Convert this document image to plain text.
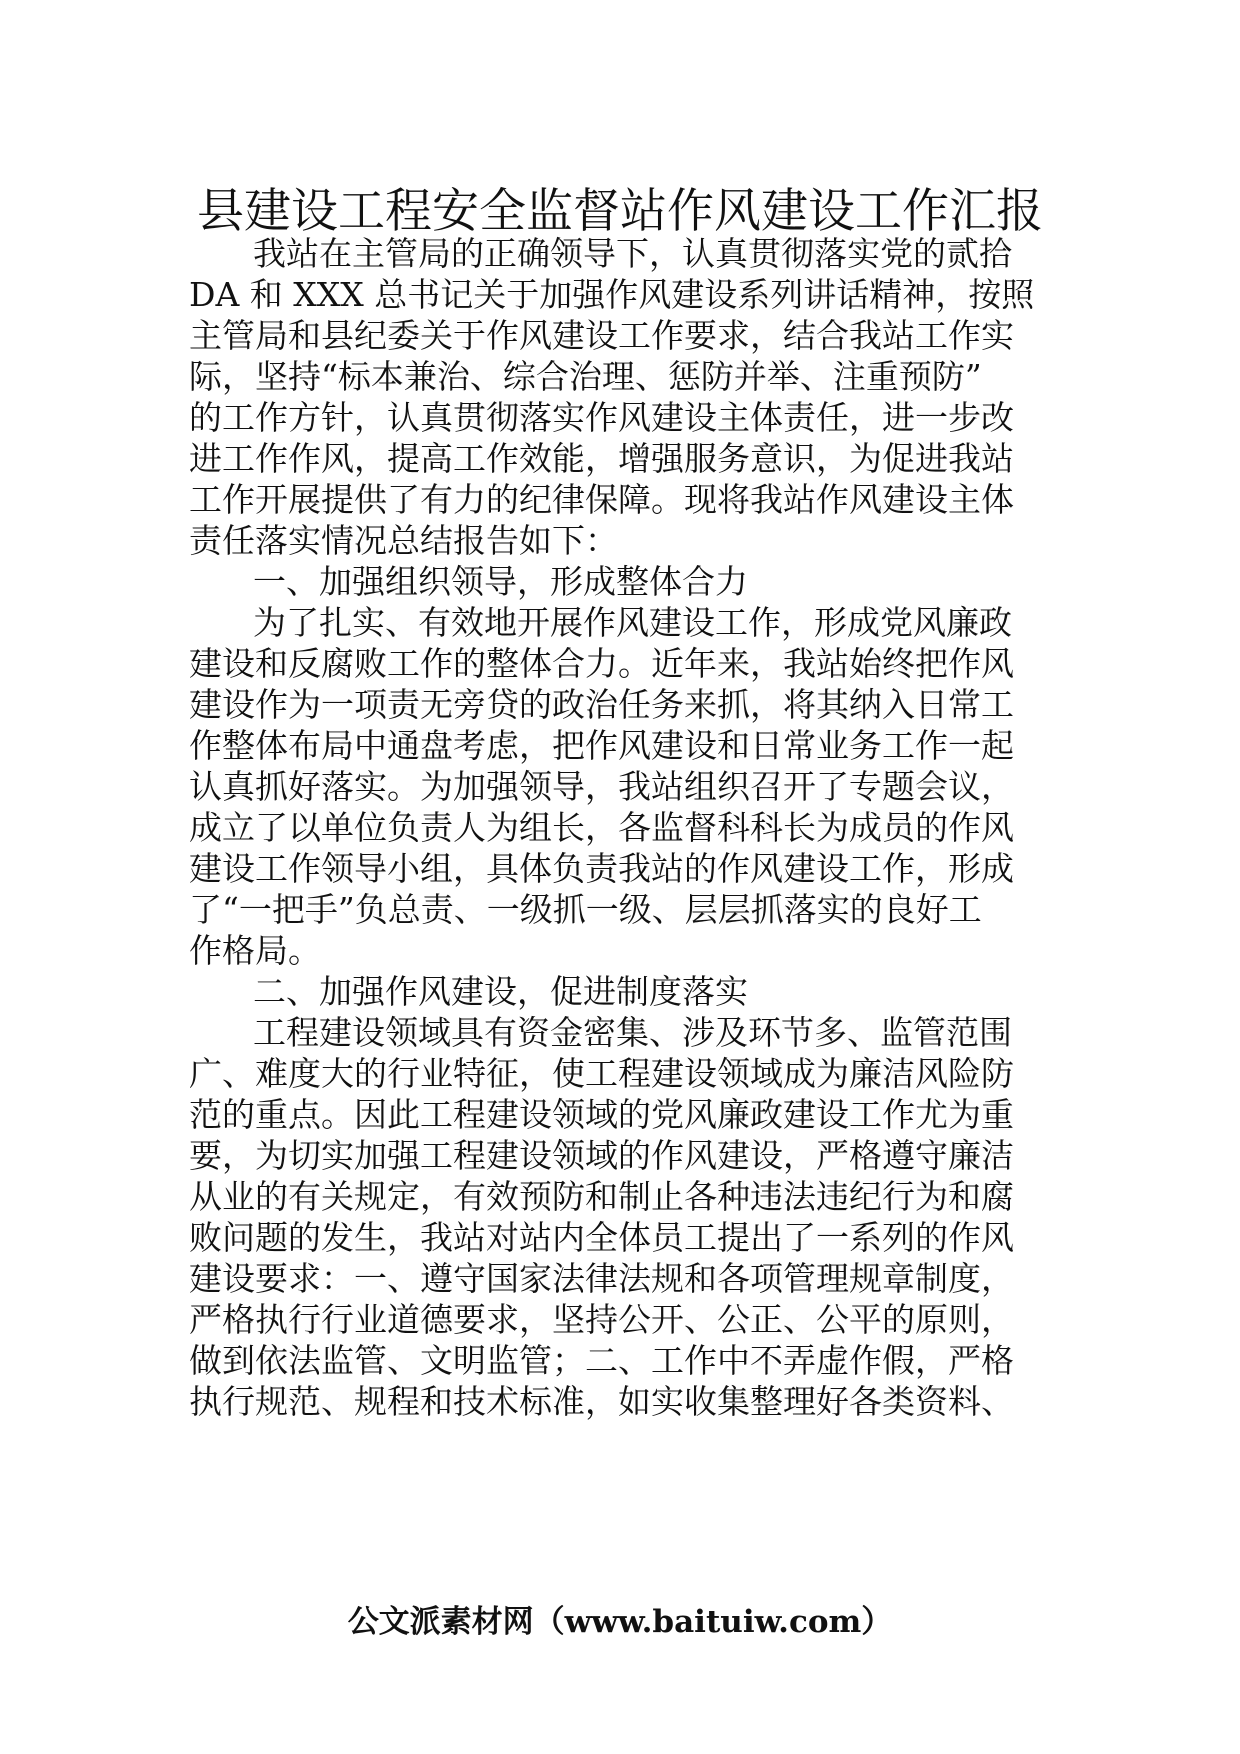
县建设工程安全监督站作风建设工作汇报
我站在主管局的正确领导下，认真贯彻落实党的贰拾
DA 和 XXX 总书记关于加强作风建设系列讲话精神，按照
主管局和县纪委关于作风建设工作要求，结合我站工作实
际，坚持“标本兼治、综合治理、惩防并举、注重预防”
的工作方针，认真贯彻落实作风建设主体责任，进一步改
进工作作风，提高工作效能，增强服务意识，为促进我站
工作开展提供了有力的纪律保障。现将我站作风建设主体
责任落实情况总结报告如下：
一、加强组织领导，形成整体合力
为了扎实、有效地开展作风建设工作，形成党风廉政
建设和反腐败工作的整体合力。近年来，我站始终把作风
建设作为一项责无旁贷的政治任务来抓，将其纳入日常工
作整体布局中通盘考虑，把作风建设和日常业务工作一起
认真抓好落实。为加强领导，我站组织召开了专题会议，
成立了以单位负责人为组长，各监督科科长为成员的作风
建设工作领导小组，具体负责我站的作风建设工作，形成
了“一把手”负总责、一级抓一级、层层抓落实的良好工
作格局。
二、加强作风建设，促进制度落实
工程建设领域具有资金密集、涉及环节多、监管范围
广、难度大的行业特征，使工程建设领域成为廉洁风险防
范的重点。因此工程建设领域的党风廉政建设工作尤为重
要，为切实加强工程建设领域的作风建设，严格遵守廉洁
从业的有关规定，有效预防和制止各种违法违纪行为和腐
败问题的发生，我站对站内全体员工提出了一系列的作风
建设要求：一、遵守国家法律法规和各项管理规章制度，
严格执行行业道德要求，坚持公开、公正、公平的原则，
做到依法监管、文明监管；二、工作中不弄虚作假，严格
执行规范、规程和技术标准，如实收集整理好各类资料、
公文派素材网（www.baituiw.com）
